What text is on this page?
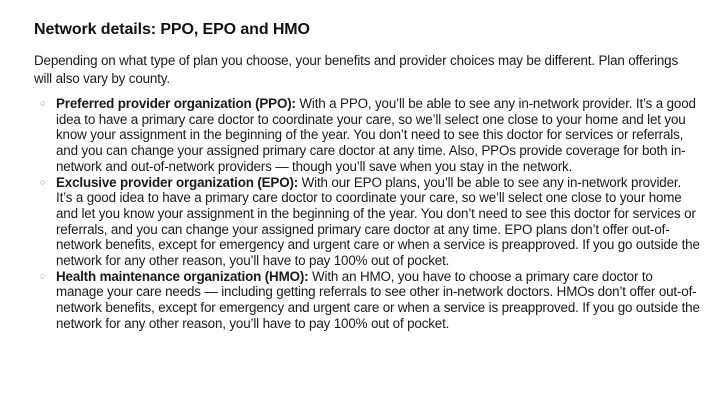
Network details: PPO, EPO and HMO

Depending on what type of plan you choose, your benefits and provider choices may be different. Plan offerings will also vary by county.

○ Preferred provider organization (PPO): With a PPO, you’ll be able to see any in-network provider. It’s a good idea to have a primary care doctor to coordinate your care, so we’ll select one close to your home and let you know your assignment in the beginning of the year. You don’t need to see this doctor for services or referrals, and you can change your assigned primary care doctor at any time. Also, PPOs provide coverage for both in-network and out-of-network providers — though you’ll save when you stay in the network.
○ Exclusive provider organization (EPO): With our EPO plans, you’ll be able to see any in-network provider. It’s a good idea to have a primary care doctor to coordinate your care, so we’ll select one close to your home and let you know your assignment in the beginning of the year. You don’t need to see this doctor for services or referrals, and you can change your assigned primary care doctor at any time. EPO plans don’t offer out-of-network benefits, except for emergency and urgent care or when a service is preapproved. If you go outside the network for any other reason, you’ll have to pay 100% out of pocket.
○ Health maintenance organization (HMO): With an HMO, you have to choose a primary care doctor to manage your care needs — including getting referrals to see other in-network doctors. HMOs don’t offer out-of-network benefits, except for emergency and urgent care or when a service is preapproved. If you go outside the network for any other reason, you’ll have to pay 100% out of pocket.
